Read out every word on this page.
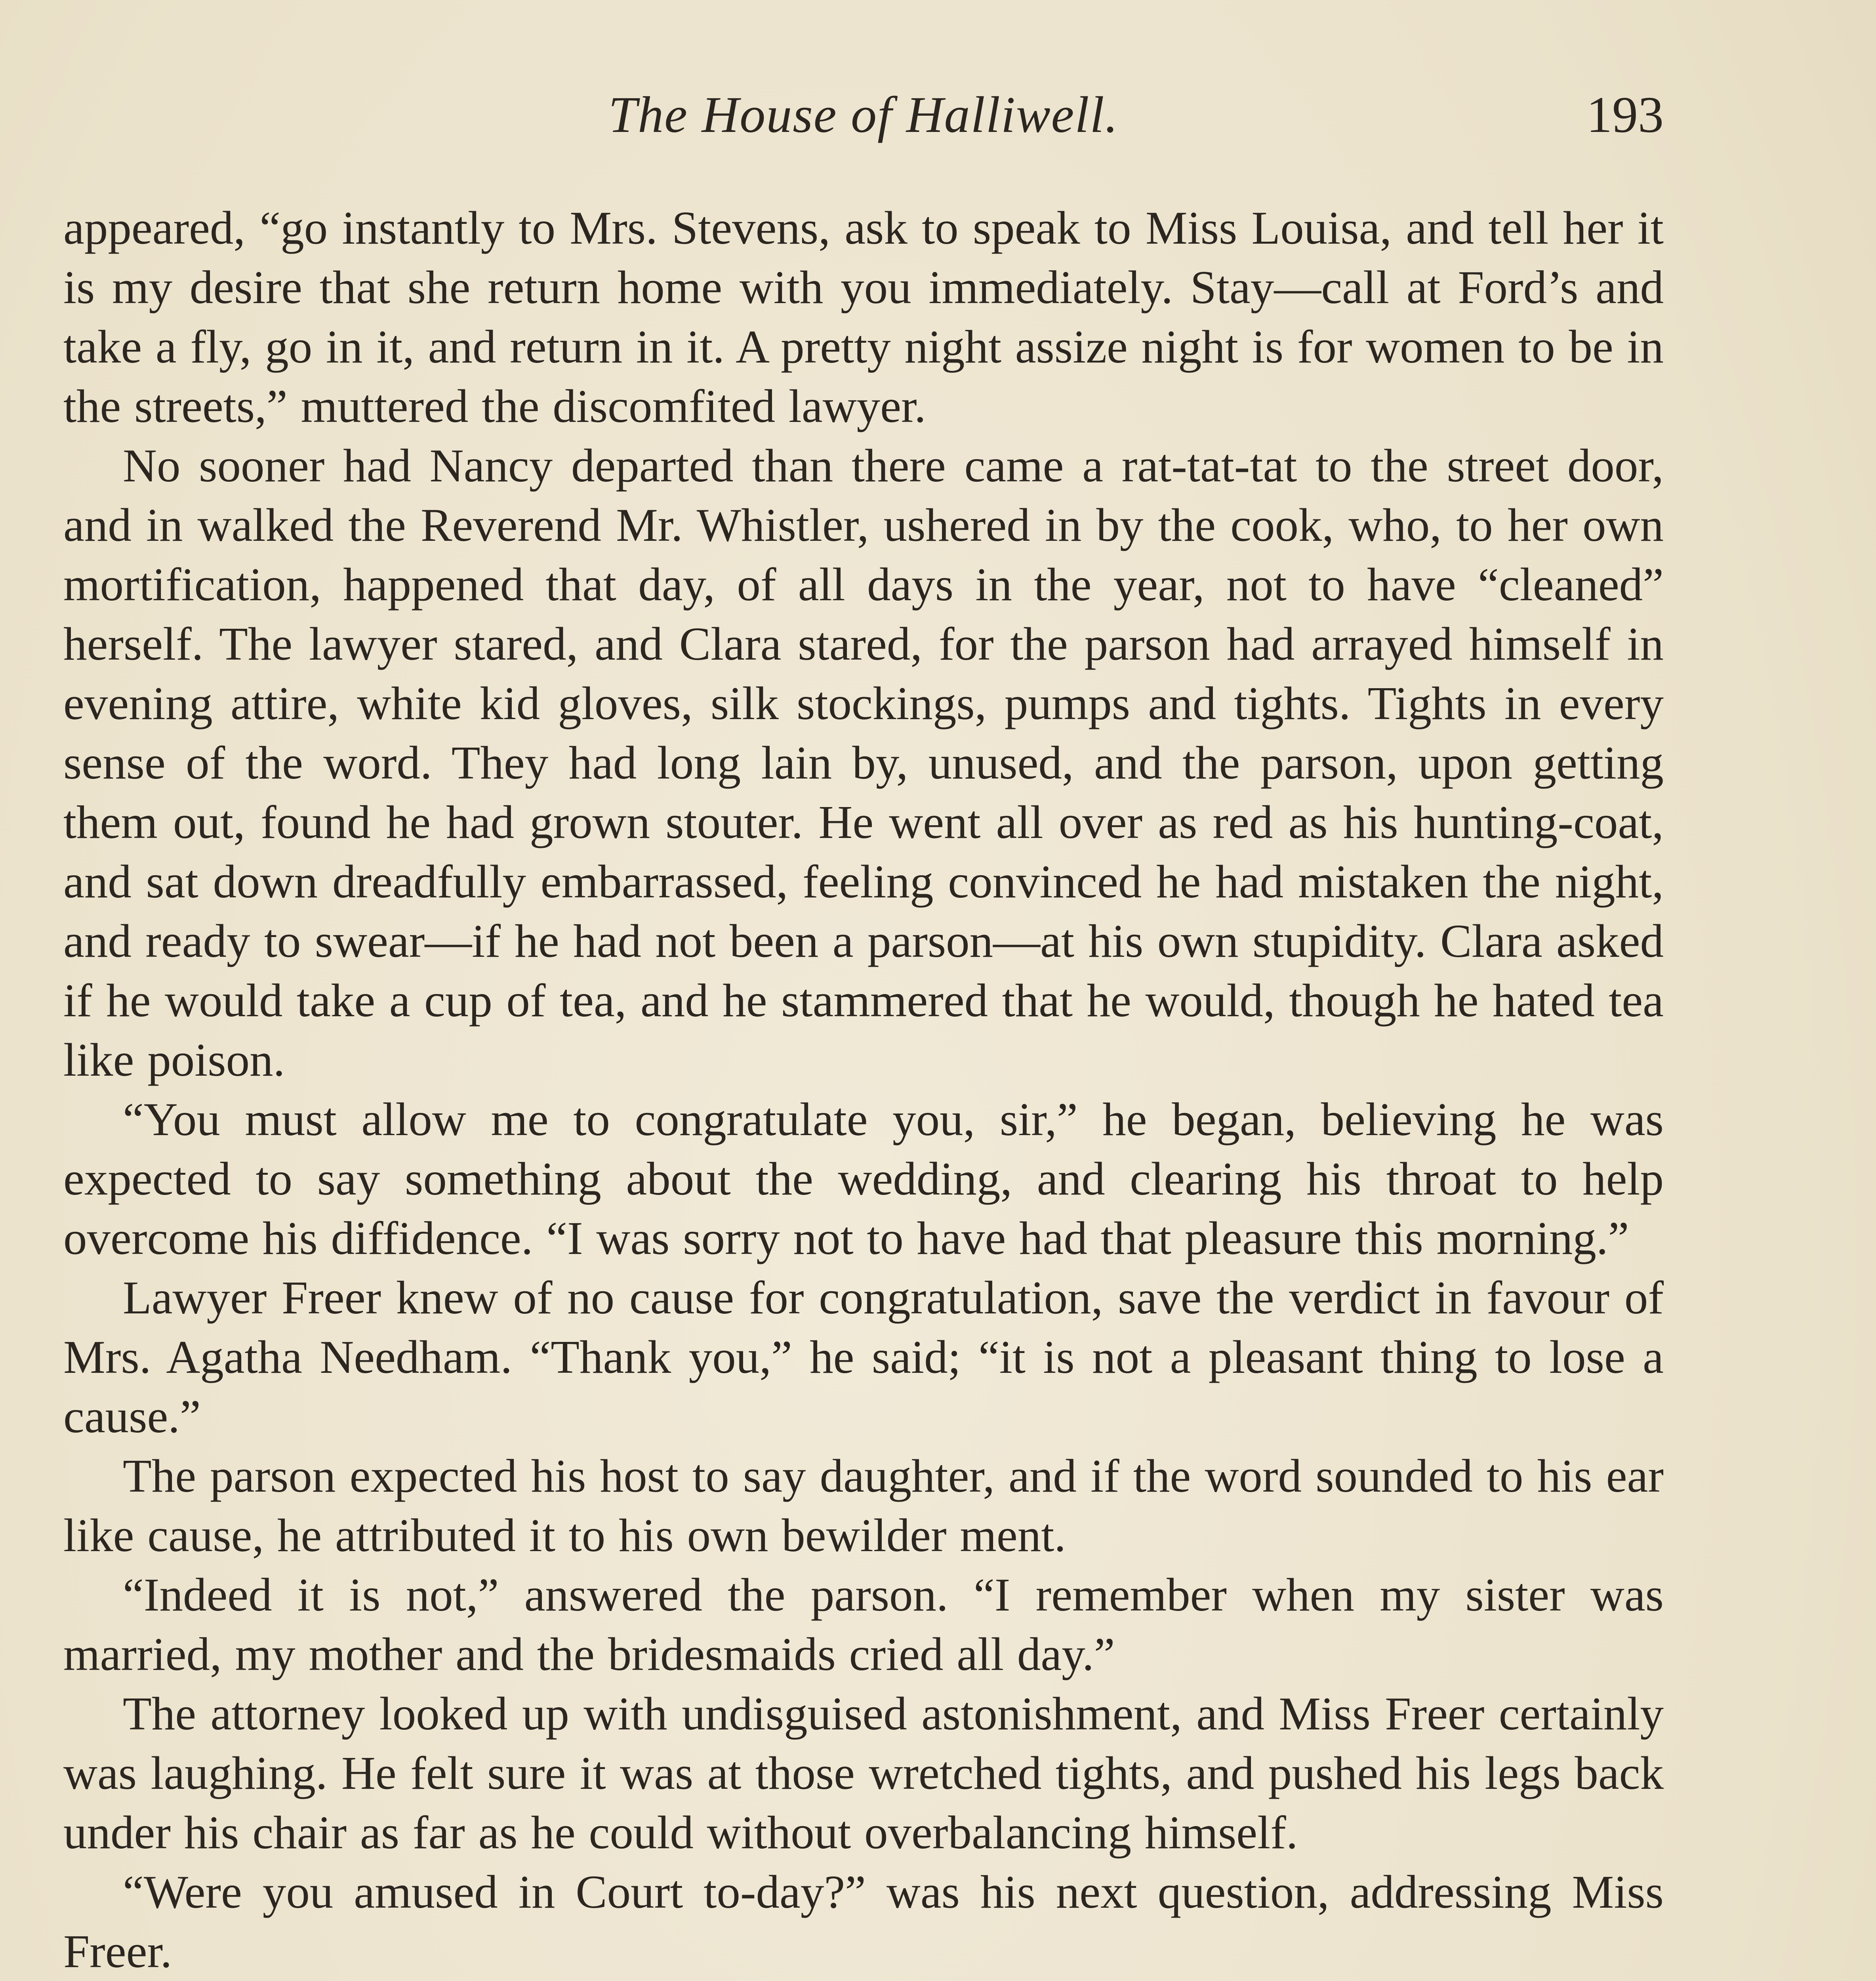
The House of Halliwell.	193

appeared, “go instantly to Mrs. Stevens, ask to speak to Miss Louisa, and tell her it is my desire that she return home with you immediately. Stay—call at Ford’s and take a fly, go in it, and return in it. A pretty night assize night is for women to be in the streets,” muttered the discomfited lawyer.

No sooner had Nancy departed than there came a rat-tat-tat to the street door, and in walked the Reverend Mr. Whistler, ushered in by the cook, who, to her own mortification, happened that day, of all days in the year, not to have “cleaned” herself. The lawyer stared, and Clara stared, for the parson had arrayed himself in evening attire, white kid gloves, silk stockings, pumps and tights. Tights in every sense of the word. They had long lain by, unused, and the parson, upon getting them out, found he had grown stouter. He went all over as red as his hunting-coat, and sat down dreadfully embarrassed, feeling convinced he had mistaken the night, and ready to swear—if he had not been a parson—at his own stupidity. Clara asked if he would take a cup of tea, and he stammered that he would, though he hated tea like poison.

“You must allow me to congratulate you, sir,” he began, believing he was expected to say something about the wedding, and clearing his throat to help overcome his diffidence. “I was sorry not to have had that pleasure this morning.”

Lawyer Freer knew of no cause for congratulation, save the verdict in favour of Mrs. Agatha Needham. “Thank you,” he said; “it is not a pleasant thing to lose a cause.”

The parson expected his host to say daughter, and if the word sounded to his ear like cause, he attributed it to his own bewilder ment.

“Indeed it is not,” answered the parson. “I remember when my sister was married, my mother and the bridesmaids cried all day.”

The attorney looked up with undisguised astonishment, and Miss Freer certainly was laughing. He felt sure it was at those wretched tights, and pushed his legs back under his chair as far as he could without overbalancing himself.

“Were you amused in Court to-day?” was his next question, addressing Miss Freer.
